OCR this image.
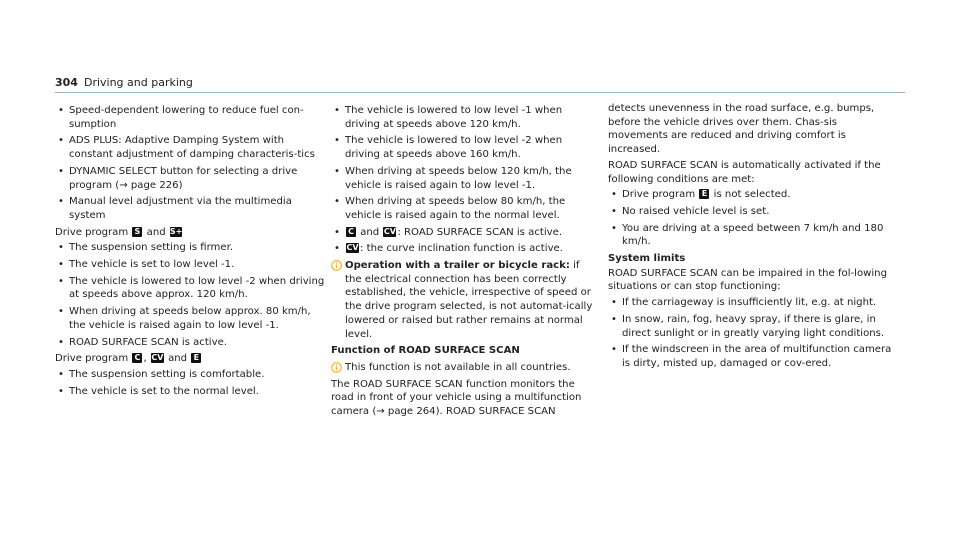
304 Driving and parking
• Speed-dependent lowering to reduce fuel con-sumption
• ADS PLUS: Adaptive Damping System with constant adjustment of damping characteris-tics
• DYNAMIC SELECT button for selecting a drive program (→ page 226)
• Manual level adjustment via the multimedia system

Drive program S and S+

• The suspension setting is firmer.
• The vehicle is set to low level -1.
• The vehicle is lowered to low level -2 when driving at speeds above approx. 120 km/h.
• When driving at speeds below approx. 80 km/h, the vehicle is raised again to low level -1.
• ROAD SURFACE SCAN is active.

Drive program C , CV and E

• The suspension setting is comfortable.
• The vehicle is set to the normal level.
• The vehicle is lowered to low level -1 when driving at speeds above 120 km/h.
• The vehicle is lowered to low level -2 when driving at speeds above 160 km/h.
• When driving at speeds below 120 km/h, the vehicle is raised again to low level -1.
• When driving at speeds below 80 km/h, the vehicle is raised again to the normal level.
• C and CV: ROAD SURFACE SCAN is active.
• CV: the curve inclination function is active.
Operation with a trailer or bicycle rack: if the electrical connection has been correctly established, the vehicle, irrespective of speed or the drive program selected, is not automat-ically lowered or raised but rather remains at normal level.
Function of ROAD SURFACE SCAN
This function is not available in all countries.

The ROAD SURFACE SCAN function monitors the road in front of your vehicle using a multifunction camera (→ page 264). ROAD SURFACE SCAN

detects unevenness in the road surface, e.g. bumps, before the vehicle drives over them. Chas-sis movements are reduced and driving comfort is increased.

ROAD SURFACE SCAN is automatically activated if the following conditions are met:

• Drive program E is not selected.
• No raised vehicle level is set.
• You are driving at a speed between 7 km/h and 180 km/h.
System limits

ROAD SURFACE SCAN can be impaired in the fol-lowing situations or can stop functioning:

• If the carriageway is insufficiently lit, e.g. at night.
• In snow, rain, fog, heavy spray, if there is glare, in direct sunlight or in greatly varying light conditions.
• If the windscreen in the area of multifunction camera is dirty, misted up, damaged or cov-ered.
